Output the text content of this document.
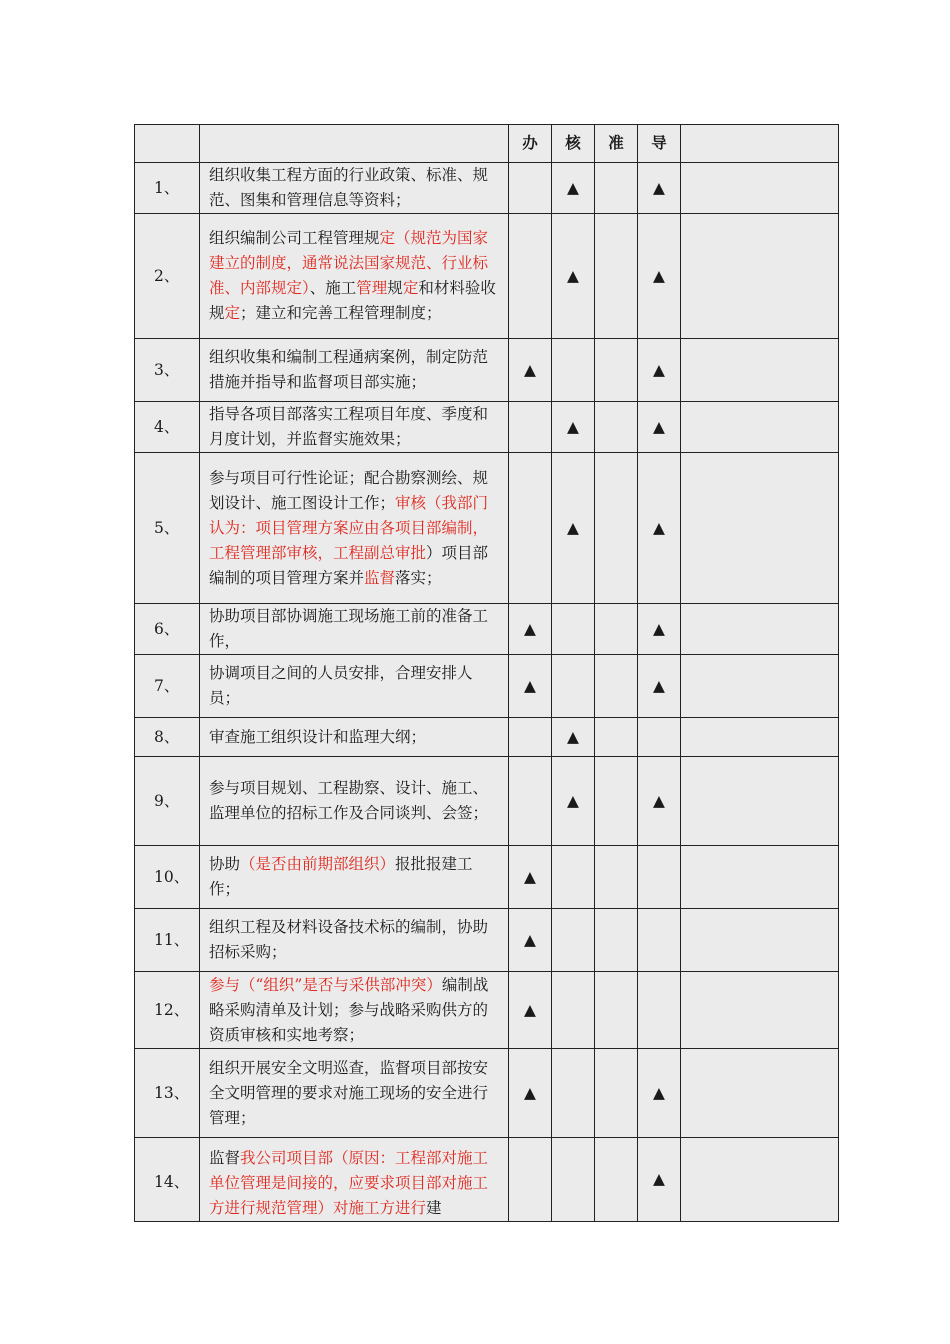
		办	核	准	导	
1、	组织收集工程方面的行业政策、标准、规范、图集和管理信息等资料；		▲		▲	
2、	组织编制公司工程管理规定（规范为国家建立的制度，通常说法国家规范、行业标准、内部规定）、施工管理规定和材料验收规定；建立和完善工程管理制度；		▲		▲	
3、	组织收集和编制工程通病案例，制定防范措施并指导和监督项目部实施；	▲			▲	
4、	指导各项目部落实工程项目年度、季度和月度计划，并监督实施效果；		▲		▲	
5、	参与项目可行性论证；配合勘察测绘、规划设计、施工图设计工作；审核（我部门认为：项目管理方案应由各项目部编制，工程管理部审核，工程副总审批）项目部编制的项目管理方案并监督落实；		▲		▲	
6、	协助项目部协调施工现场施工前的准备工作，	▲			▲	
7、	协调项目之间的人员安排，合理安排人员；	▲			▲	
8、	审查施工组织设计和监理大纲；		▲			
9、	参与项目规划、工程勘察、设计、施工、监理单位的招标工作及合同谈判、会签；		▲		▲	
10、	协助（是否由前期部组织）报批报建工作；	▲				
11、	组织工程及材料设备技术标的编制，协助招标采购；	▲				
12、	参与（“组织”是否与采供部冲突）编制战略采购清单及计划；参与战略采购供方的资质审核和实地考察；	▲				
13、	组织开展安全文明巡查，监督项目部按安全文明管理的要求对施工现场的安全进行管理；	▲			▲	
14、	监督我公司项目部（原因：工程部对施工单位管理是间接的，应要求项目部对施工方进行规范管理）对施工方进行建				▲	
